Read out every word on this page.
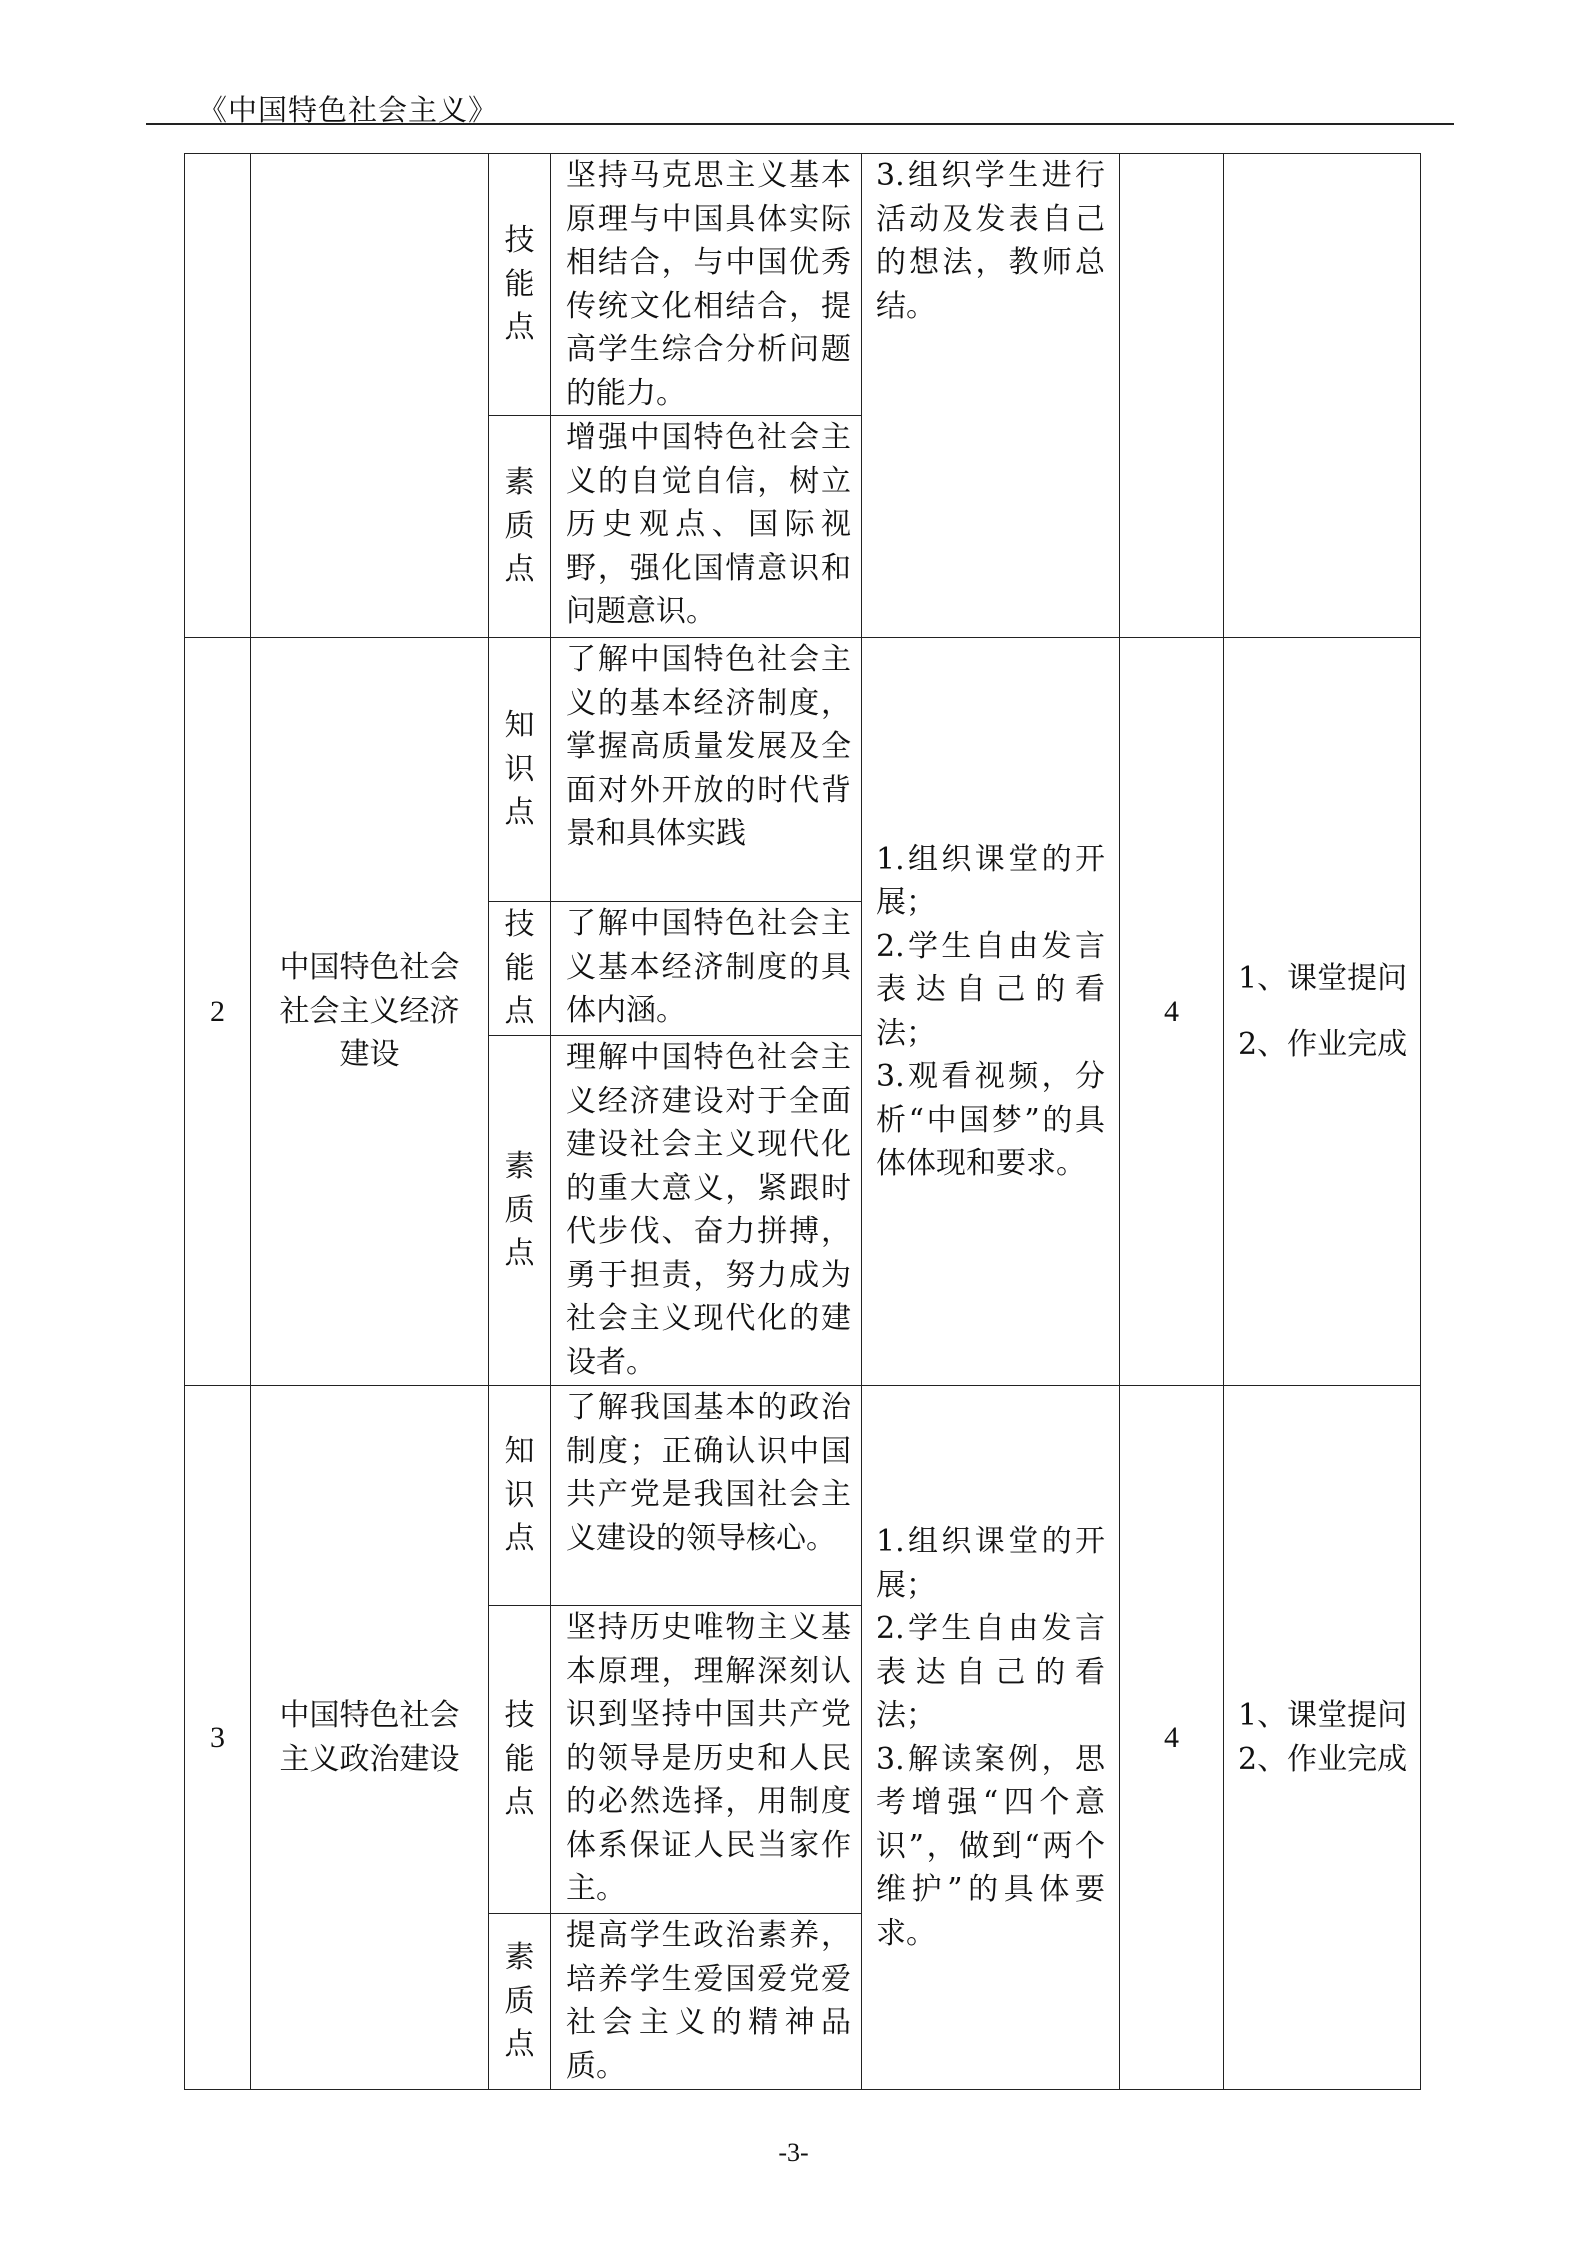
《中国特色社会主义》

		技
能
点	坚持马克思主义基本原理与中国具体实际相结合，与中国优秀传统文化相结合，提高学生综合分析问题的能力。	3.组织学生进行活动及发表自己的想法，教师总结。		

		素
质
点	增强中国特色社会主义的自觉自信，树立历史观点、国际视野，强化国情意识和问题意识。			
2	中国特色社会社会主义经济建设	知
识
点	了解中国特色社会主义的基本经济制度，掌握高质量发展及全面对外开放的时代背景和具体实践	1.组织课堂的开展；
2.学生自由发言表达自己的看法；
3.观看视频，分析“中国梦”的具体体现和要求。	4	1、课堂提问
2、作业完成

		技
能
点	了解中国特色社会主义基本经济制度的具体内涵。			

		素
质
点	理解中国特色社会主义经济建设对于全面建设社会主义现代化的重大意义，紧跟时代步伐、奋力拼搏，勇于担责，努力成为社会主义现代化的建设者。			
3	中国特色社会主义政治建设	知
识
点	了解我国基本的政治制度；正确认识中国共产党是我国社会主义建设的领导核心。	1.组织课堂的开展；
2.学生自由发言表达自己的看法；
3.解读案例，思考增强“四个意识”，做到“两个维护”的具体要求。	4	1、课堂提问
2、作业完成

		技
能
点	坚持历史唯物主义基本原理，理解深刻认识到坚持中国共产党的领导是历史和人民的必然选择，用制度体系保证人民当家作主。			

		素
质
点	提高学生政治素养，培养学生爱国爱党爱社会主义的精神品质。			
-3-
